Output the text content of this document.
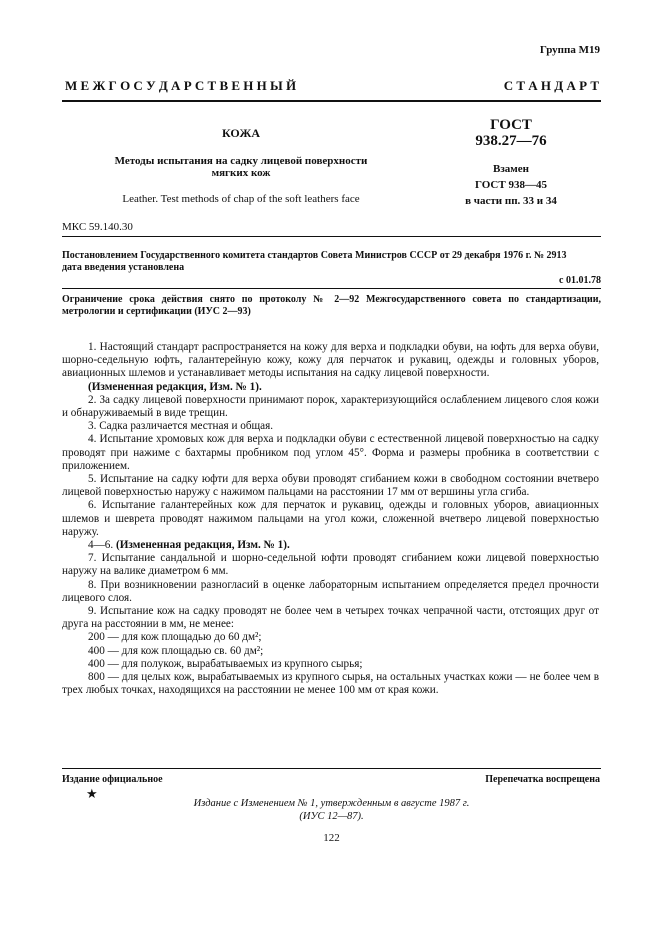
Группа М19
М Е Ж Г О С У Д А Р С Т В Е Н Н Ы Й	С Т А Н Д А Р Т
КОЖА
Методы испытания на садку лицевой поверхности
мягких кож
Leather. Test methods of chap of the soft leathers face
ГОСТ
938.27—76
Взамен
ГОСТ 938—45
в части пп. 33 и 34
МКС 59.140.30
Постановлением Государственного комитета стандартов Совета Министров СССР от 29 декабря 1976 г. № 2913
дата введения установлена
с 01.01.78
Ограничение срока действия снято по протоколу № 2—92 Межгосударственного совета по стандартизации, метрологии и сертификации (ИУС 2—93)

1. Настоящий стандарт распространяется на кожу для верха и подкладки обуви, на юфть для верха обуви, шорно-седельную юфть, галантерейную кожу, кожу для перчаток и рукавиц, одежды и головных уборов, авиационных шлемов и устанавливает методы испытания на садку лицевой поверхности.

(Измененная редакция, Изм. № 1).

2. За садку лицевой поверхности принимают порок, характеризующийся ослаблением лицевого слоя кожи и обнаруживаемый в виде трещин.

3. Садка различается местная и общая.

4. Испытание хромовых кож для верха и подкладки обуви с естественной лицевой поверхностью на садку проводят при нажиме с бахтармы пробником под углом 45°. Форма и размеры пробника в соответствии с приложением.

5. Испытание на садку юфти для верха обуви проводят сгибанием кожи в свободном состоянии вчетверо лицевой поверхностью наружу с нажимом пальцами на расстоянии 17 мм от вершины угла сгиба.

6. Испытание галантерейных кож для перчаток и рукавиц, одежды и головных уборов, авиационных шлемов и шеврета проводят нажимом пальцами на угол кожи, сложенной вчетверо лицевой поверхностью наружу.

4—6. (Измененная редакция, Изм. № 1).

7. Испытание сандальной и шорно-седельной юфти проводят сгибанием кожи лицевой поверхностью наружу на валике диаметром 6 мм.

8. При возникновении разногласий в оценке лабораторным испытанием определяется предел прочности лицевого слоя.

9. Испытание кож на садку проводят не более чем в четырех точках чепрачной части, отстоящих друг от друга на расстоянии в мм, не менее:

200 — для кож площадью до 60 дм²;

400 — для кож площадью св. 60 дм²;

400 — для полукож, вырабатываемых из крупного сырья;

800 — для целых кож, вырабатываемых из крупного сырья, на остальных участках кожи — не более чем в трех любых точках, находящихся на расстоянии не менее 100 мм от края кожи.

Издание официальное	Перепечатка воспрещена
★
Издание с Изменением № 1, утвержденным в августе 1987 г.
(ИУС 12—87).
122
